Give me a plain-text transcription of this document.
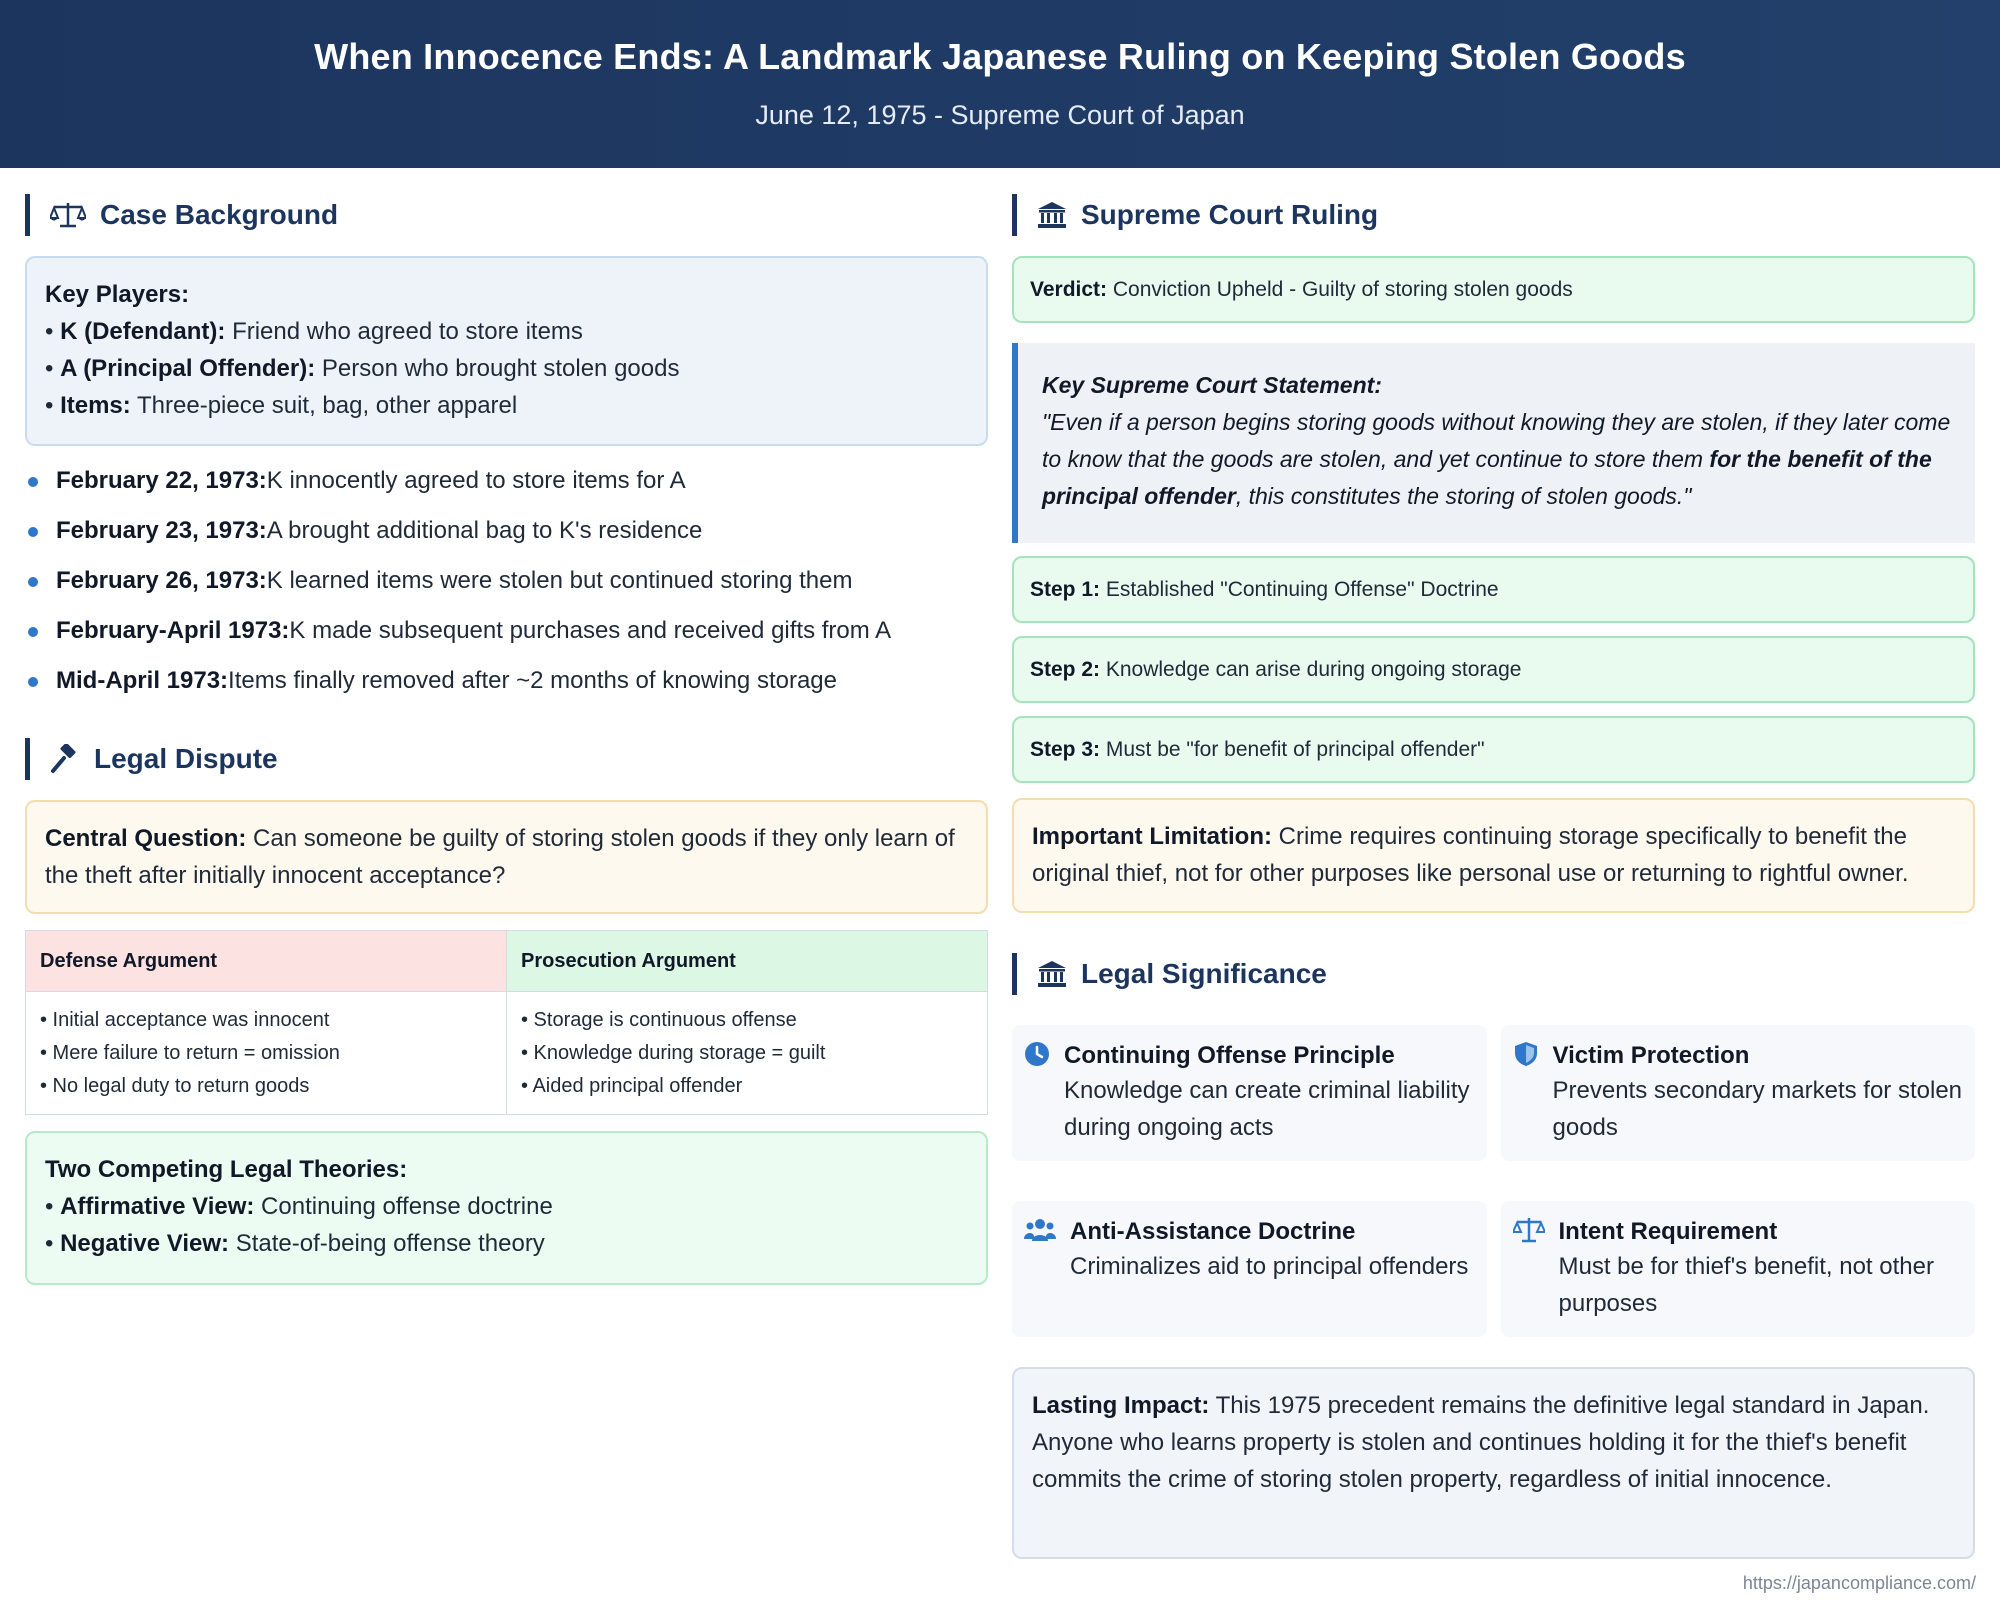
When Innocence Ends: A Landmark Japanese Ruling on Keeping Stolen Goods
June 12, 1975 - Supreme Court of Japan
Case Background
Key Players:
• K (Defendant): Friend who agreed to store items
• A (Principal Offender): Person who brought stolen goods
• Items: Three-piece suit, bag, other apparel
February 22, 1973:K innocently agreed to store items for A
February 23, 1973:A brought additional bag to K's residence
February 26, 1973:K learned items were stolen but continued storing them
February-April 1973:K made subsequent purchases and received gifts from A
Mid-April 1973:Items finally removed after ~2 months of knowing storage
Legal Dispute
Central Question: Can someone be guilty of storing stolen goods if they only learn of the theft after initially innocent acceptance?
Defense Argument
• Initial acceptance was innocent
• Mere failure to return = omission
• No legal duty to return goods
Prosecution Argument
• Storage is continuous offense
• Knowledge during storage = guilt
• Aided principal offender
Two Competing Legal Theories:
• Affirmative View: Continuing offense doctrine
• Negative View: State-of-being offense theory
Supreme Court Ruling
Verdict: Conviction Upheld - Guilty of storing stolen goods
Key Supreme Court Statement:
"Even if a person begins storing goods without knowing they are stolen, if they later come to know that the goods are stolen, and yet continue to store them for the benefit of the principal offender, this constitutes the storing of stolen goods."
Step 1: Established "Continuing Offense" Doctrine
Step 2: Knowledge can arise during ongoing storage
Step 3: Must be "for benefit of principal offender"
Important Limitation: Crime requires continuing storage specifically to benefit the original thief, not for other purposes like personal use or returning to rightful owner.
Legal Significance
Continuing Offense Principle
Knowledge can create criminal liability during ongoing acts
Victim Protection
Prevents secondary markets for stolen goods
Anti-Assistance Doctrine
Criminalizes aid to principal offenders
Intent Requirement
Must be for thief's benefit, not other purposes
Lasting Impact: This 1975 precedent remains the definitive legal standard in Japan. Anyone who learns property is stolen and continues holding it for the thief's benefit commits the crime of storing stolen property, regardless of initial innocence.
https://japancompliance.com/
